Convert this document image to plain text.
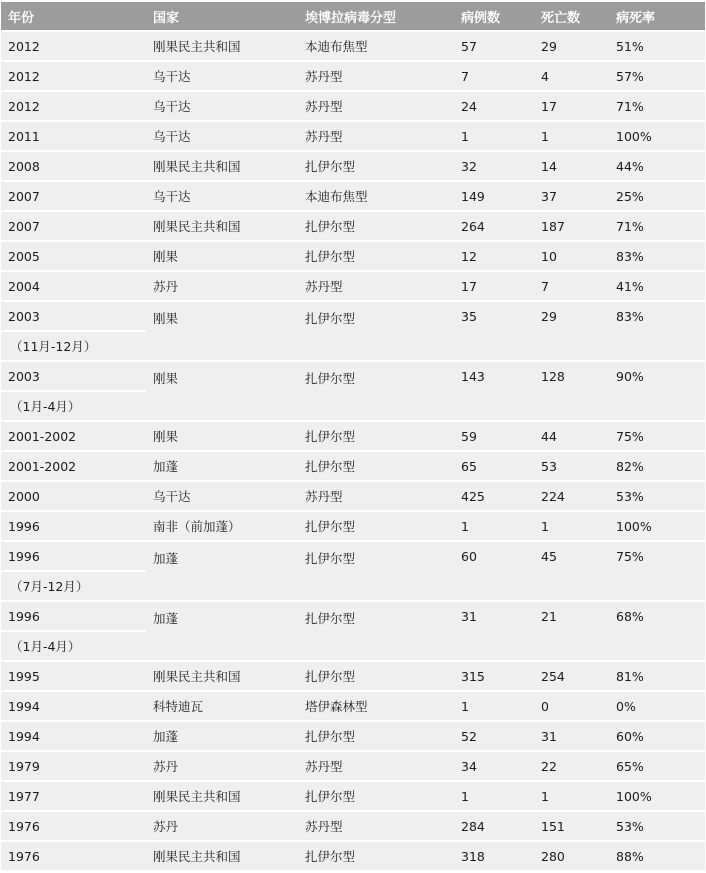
年份	国家	埃博拉病毒分型	病例数	死亡数	病死率
2012	刚果民主共和国	本迪布焦型	57	29	51%
2012	乌干达	苏丹型	7	4	57%
2012	乌干达	苏丹型	24	17	71%
2011	乌干达	苏丹型	1	1	100%
2008	刚果民主共和国	扎伊尔型	32	14	44%
2007	乌干达	本迪布焦型	149	37	25%
2007	刚果民主共和国	扎伊尔型	264	187	71%
2005	刚果	扎伊尔型	12	10	83%
2004	苏丹	苏丹型	17	7	41%
2003	刚果	扎伊尔型	35	29	83%
（11月-12月）					
2003	刚果	扎伊尔型	143	128	90%
（1月-4月）					
2001-2002	刚果	扎伊尔型	59	44	75%
2001-2002	加蓬	扎伊尔型	65	53	82%
2000	乌干达	苏丹型	425	224	53%
1996	南非（前加蓬）	扎伊尔型	1	1	100%
1996	加蓬	扎伊尔型	60	45	75%
（7月-12月）					
1996	加蓬	扎伊尔型	31	21	68%
（1月-4月）					
1995	刚果民主共和国	扎伊尔型	315	254	81%
1994	科特迪瓦	塔伊森林型	1	0	0%
1994	加蓬	扎伊尔型	52	31	60%
1979	苏丹	苏丹型	34	22	65%
1977	刚果民主共和国	扎伊尔型	1	1	100%
1976	苏丹	苏丹型	284	151	53%
1976	刚果民主共和国	扎伊尔型	318	280	88%
